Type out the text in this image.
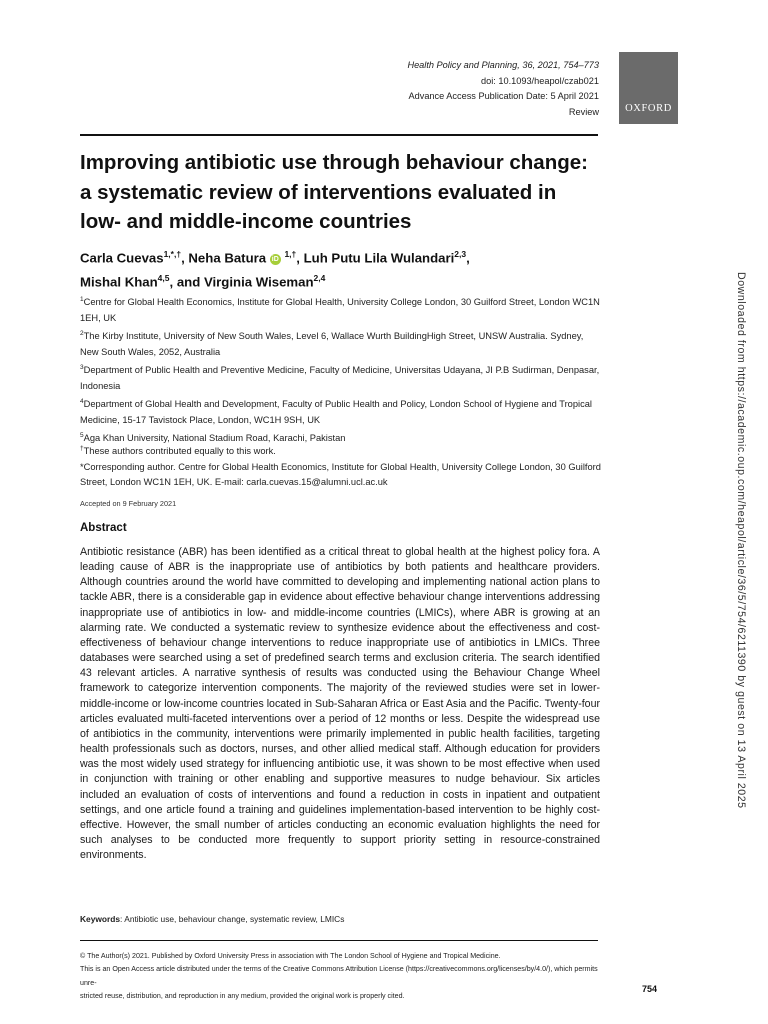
Health Policy and Planning, 36, 2021, 754–773
doi: 10.1093/heapol/czab021
Advance Access Publication Date: 5 April 2021
Review OXFORD
Improving antibiotic use through behaviour change: a systematic review of interventions evaluated in low- and middle-income countries
Carla Cuevas$^{1,*,\dagger}$, Neha Batura iD $^{1,\dagger}$, Luh Putu Lila Wulandari$^{2,3}$,
Mishal Khan$^{4,5}$, and Virginia Wiseman$^{2,4}$

$^1$Centre for Global Health Economics, Institute for Global Health, University College London, 30 Guilford Street, London WC1N 1EH, UK

$^2$The Kirby Institute, University of New South Wales, Level 6, Wallace Wurth BuildingHigh Street, UNSW Australia. Sydney, New South Wales, 2052, Australia

$^3$Department of Public Health and Preventive Medicine, Faculty of Medicine, Universitas Udayana, JI P.B Sudirman, Denpasar, Indonesia

$^4$Department of Global Health and Development, Faculty of Public Health and Policy, London School of Hygiene and Tropical Medicine, 15-17 Tavistock Place, London, WC1H 9SH, UK

$^5$Aga Khan University, National Stadium Road, Karachi, Pakistan

†These authors contributed equally to this work.

*Corresponding author. Centre for Global Health Economics, Institute for Global Health, University College London, 30 Guilford Street, London WC1N 1EH, UK. E-mail: carla.cuevas.15@alumni.ucl.ac.uk

Accepted on 9 February 2021
Abstract

Antibiotic resistance (ABR) has been identified as a critical threat to global health at the highest policy fora. A leading cause of ABR is the inappropriate use of antibiotics by both patients and healthcare providers. Although countries around the world have committed to developing and implementing national action plans to tackle ABR, there is a considerable gap in evidence about effective behaviour change interventions addressing inappropriate use of antibiotics in low- and middle-income countries (LMICs), where ABR is growing at an alarming rate. We conducted a systematic review to synthesize evidence about the effectiveness and cost-effectiveness of behaviour change interventions to reduce inappropriate use of antibiotics in LMICs. Three databases were searched using a set of predefined search terms and exclusion criteria. The search identified 43 relevant articles. A narrative synthesis of results was conducted using the Behaviour Change Wheel framework to categorize intervention components. The majority of the reviewed studies were set in lower-middle-income or low-income countries located in Sub-Saharan Africa or East Asia and the Pacific. Twenty-four articles evaluated multi-faceted interventions over a period of 12 months or less. Despite the widespread use of antibiotics in the community, interventions were primarily implemented in public health facilities, targeting health professionals such as doctors, nurses, and other allied medical staff. Although education for providers was the most widely used strategy for influencing antibiotic use, it was shown to be most effective when used in conjunction with training or other enabling and supportive measures to nudge behaviour. Six articles included an evaluation of costs of interventions and found a reduction in costs in inpatient and outpatient settings, and one article found a training and guidelines implementation-based intervention to be highly cost-effective. However, the small number of articles conducting an economic evaluation highlights the need for such analyses to be conducted more frequently to support priority setting in resource-constrained environments.

Keywords: Antibiotic use, behaviour change, systematic review, LMICs

© The Author(s) 2021. Published by Oxford University Press in association with The London School of Hygiene and Tropical Medicine.

This is an Open Access article distributed under the terms of the Creative Commons Attribution License (https://creativecommons.org/licenses/by/4.0/), which permits unre-

stricted reuse, distribution, and reproduction in any medium, provided the original work is properly cited.

754
Downloaded from https://academic.oup.com/heapol/article/36/5/754/6211390 by guest on 13 April 2025
